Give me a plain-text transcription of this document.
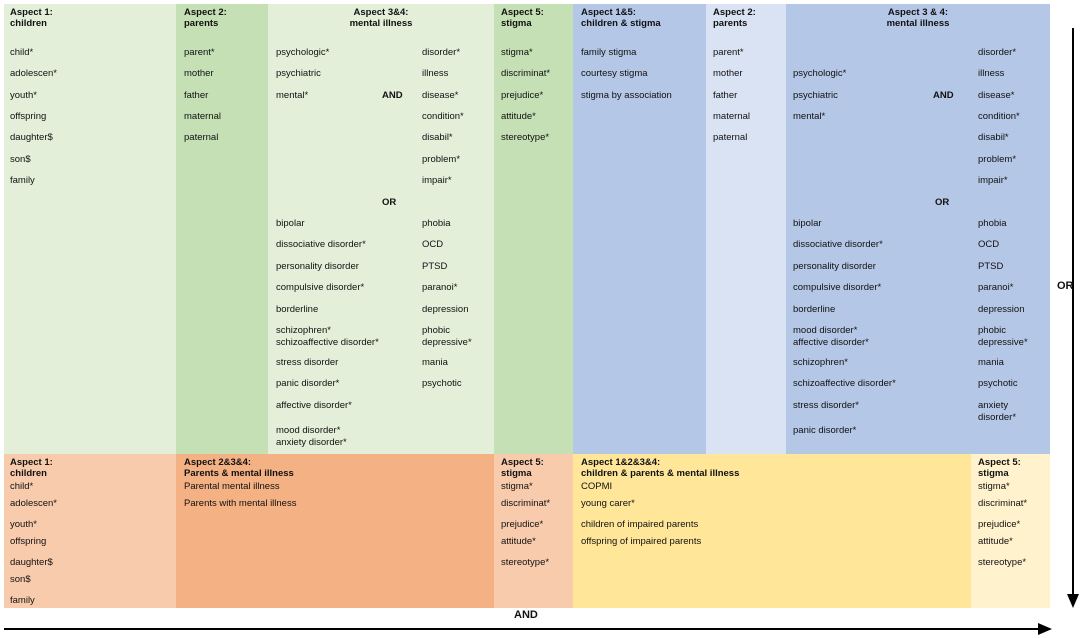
Aspect 1:
children
child*
adolescen*
youth*
offspring
daughter$
son$
family
Aspect 2:
parents
parent*
mother
father
maternal
paternal
Aspect 3&4:
mental illness
psychologic*
psychiatric
mental*	AND
disorder*
illness
disease*
condition*
disabil*
problem*
impair*
OR
bipolar
dissociative disorder*
personality disorder
compulsive disorder*
borderline
schizophren*
schizoaffective disorder*
stress disorder
panic disorder*
affective disorder*
mood disorder*
anxiety disorder*
phobia
OCD
PTSD
paranoi*
depression
phobic
depressive*
mania
psychotic
Aspect 5:
stigma
stigma*
discriminat*
prejudice*
attitude*
stereotype*
Aspect 1&5:
children & stigma
family stigma
courtesy stigma
stigma by association
Aspect 2:
parents
parent*
mother
father
maternal
paternal
Aspect 3 & 4:
mental illness
psychologic*
psychiatric
mental*
AND
disorder*
illness
disease*
condition*
disabil*
problem*
impair*
OR
bipolar
dissociative disorder*
personality disorder
compulsive disorder*
borderline
mood disorder*
affective disorder*
schizophren*
schizoaffective disorder*
stress disorder*
panic disorder*
phobia
OCD
PTSD
paranoi*
depression
phobic
depressive*
mania
psychotic
anxiety
disorder*
Aspect 1:
children
child*
adolescen*
youth*
offspring
daughter$
son$
family
Aspect 2&3&4:
Parents & mental illness
Parental mental illness
Parents with mental illness
Aspect 5:
stigma
stigma*
discriminat*
prejudice*
attitude*
stereotype*
Aspect 1&2&3&4:
children & parents & mental illness
COPMI
young carer*
children of impaired parents
offspring of impaired parents
Aspect 5:
stigma
stigma*
discriminat*
prejudice*
attitude*
stereotype*
OR
AND
